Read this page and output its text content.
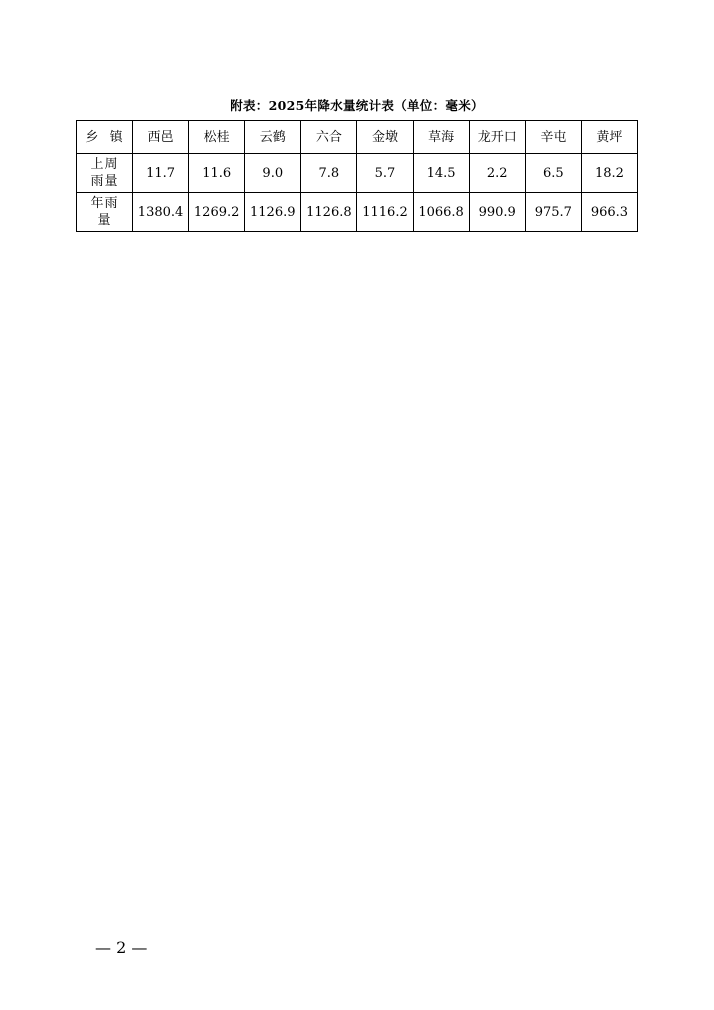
附表：2025年降水量统计表（单位：毫米）
乡  镇	西邑	松桂	云鹤	六合	金墩	草海	龙开口	辛屯	黄坪
上周雨量	11.7	11.6	9.0	7.8	5.7	14.5	2.2	6.5	18.2
年雨量	1380.4	1269.2	1126.9	1126.8	1116.2	1066.8	990.9	975.7	966.3
— 2 —
